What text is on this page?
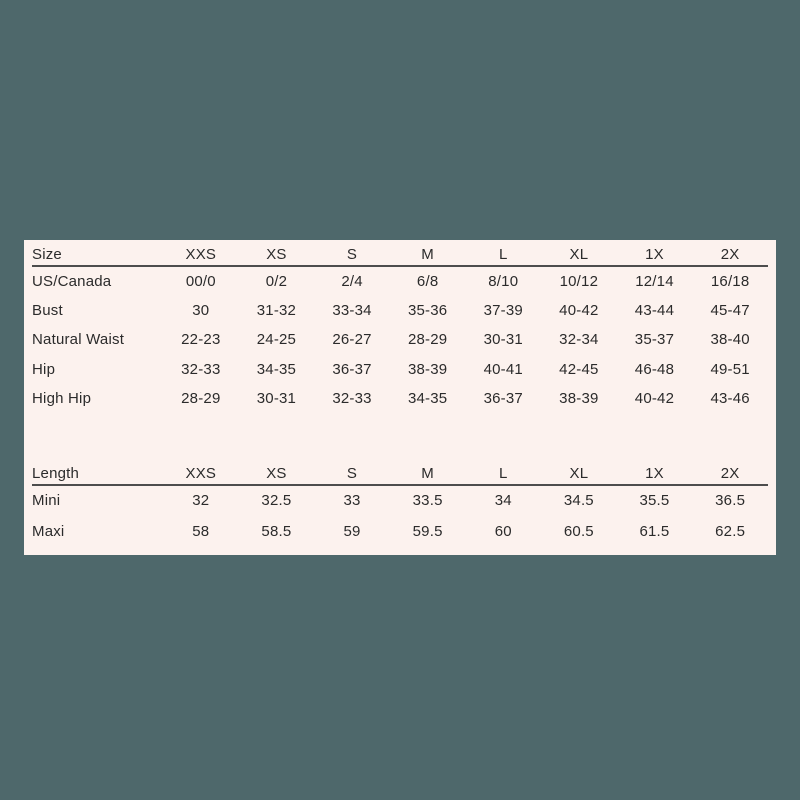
Size	XXS	XS	S	M	L	XL	1X	2X
US/Canada	00/0	0/2	2/4	6/8	8/10	10/12	12/14	16/18
Bust	30	31-32	33-34	35-36	37-39	40-42	43-44	45-47
Natural Waist	22-23	24-25	26-27	28-29	30-31	32-34	35-37	38-40
Hip	32-33	34-35	36-37	38-39	40-41	42-45	46-48	49-51
High Hip	28-29	30-31	32-33	34-35	36-37	38-39	40-42	43-46
Length	XXS	XS	S	M	L	XL	1X	2X
Mini	32	32.5	33	33.5	34	34.5	35.5	36.5
Maxi	58	58.5	59	59.5	60	60.5	61.5	62.5
